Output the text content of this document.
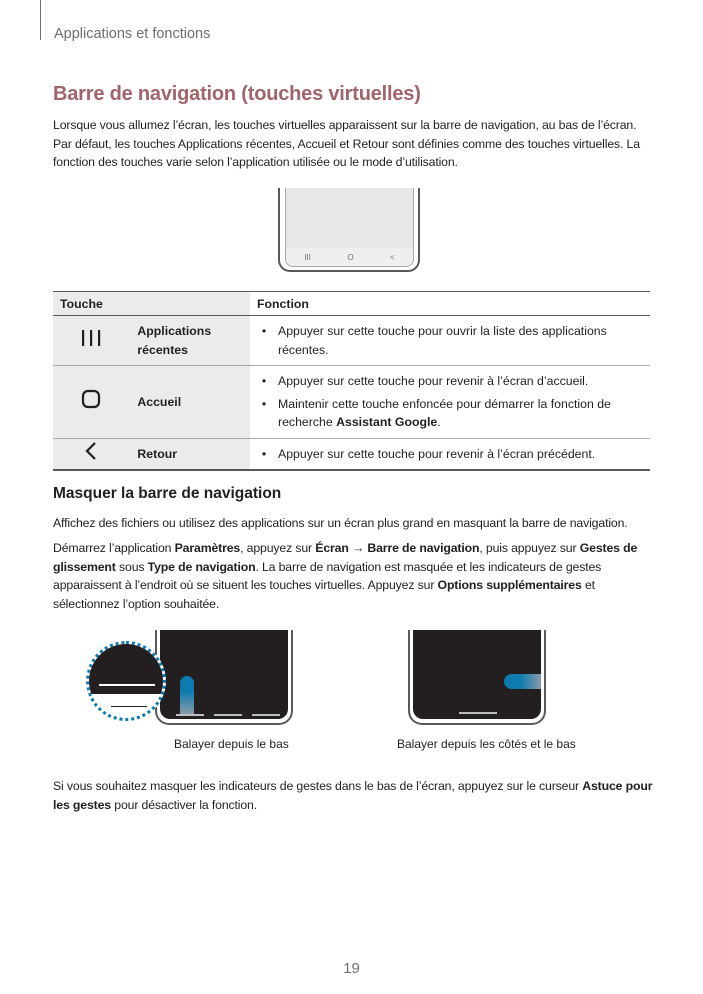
Applications et fonctions
Barre de navigation (touches virtuelles)
Lorsque vous allumez l’écran, les touches virtuelles apparaissent sur la barre de navigation, au bas de l’écran. Par défaut, les touches Applications récentes, Accueil et Retour sont définies comme des touches virtuelles. La fonction des touches varie selon l’application utilisée ou le mode d’utilisation.
III	O	<
Touche		Fonction
	Applications récentes	• Appuyer sur cette touche pour ouvrir la liste des applications récentes.

	Accueil	• Appuyer sur cette touche pour revenir à l’écran d’accueil.
• Maintenir cette touche enfoncée pour démarrer la fonction de recherche Assistant Google.

	Retour	• Appuyer sur cette touche pour revenir à l’écran précédent.
Masquer la barre de navigation
Affichez des fichiers ou utilisez des applications sur un écran plus grand en masquant la barre de navigation.
Démarrez l’application Paramètres, appuyez sur Écran → Barre de navigation, puis appuyez sur Gestes de glissement sous Type de navigation. La barre de navigation est masquée et les indicateurs de gestes apparaissent à l’endroit où se situent les touches virtuelles. Appuyez sur Options supplémentaires et sélectionnez l’option souhaitée.
Balayer depuis le bas	Balayer depuis les côtés et le bas
Si vous souhaitez masquer les indicateurs de gestes dans le bas de l’écran, appuyez sur le curseur Astuce pour les gestes pour désactiver la fonction.
19
